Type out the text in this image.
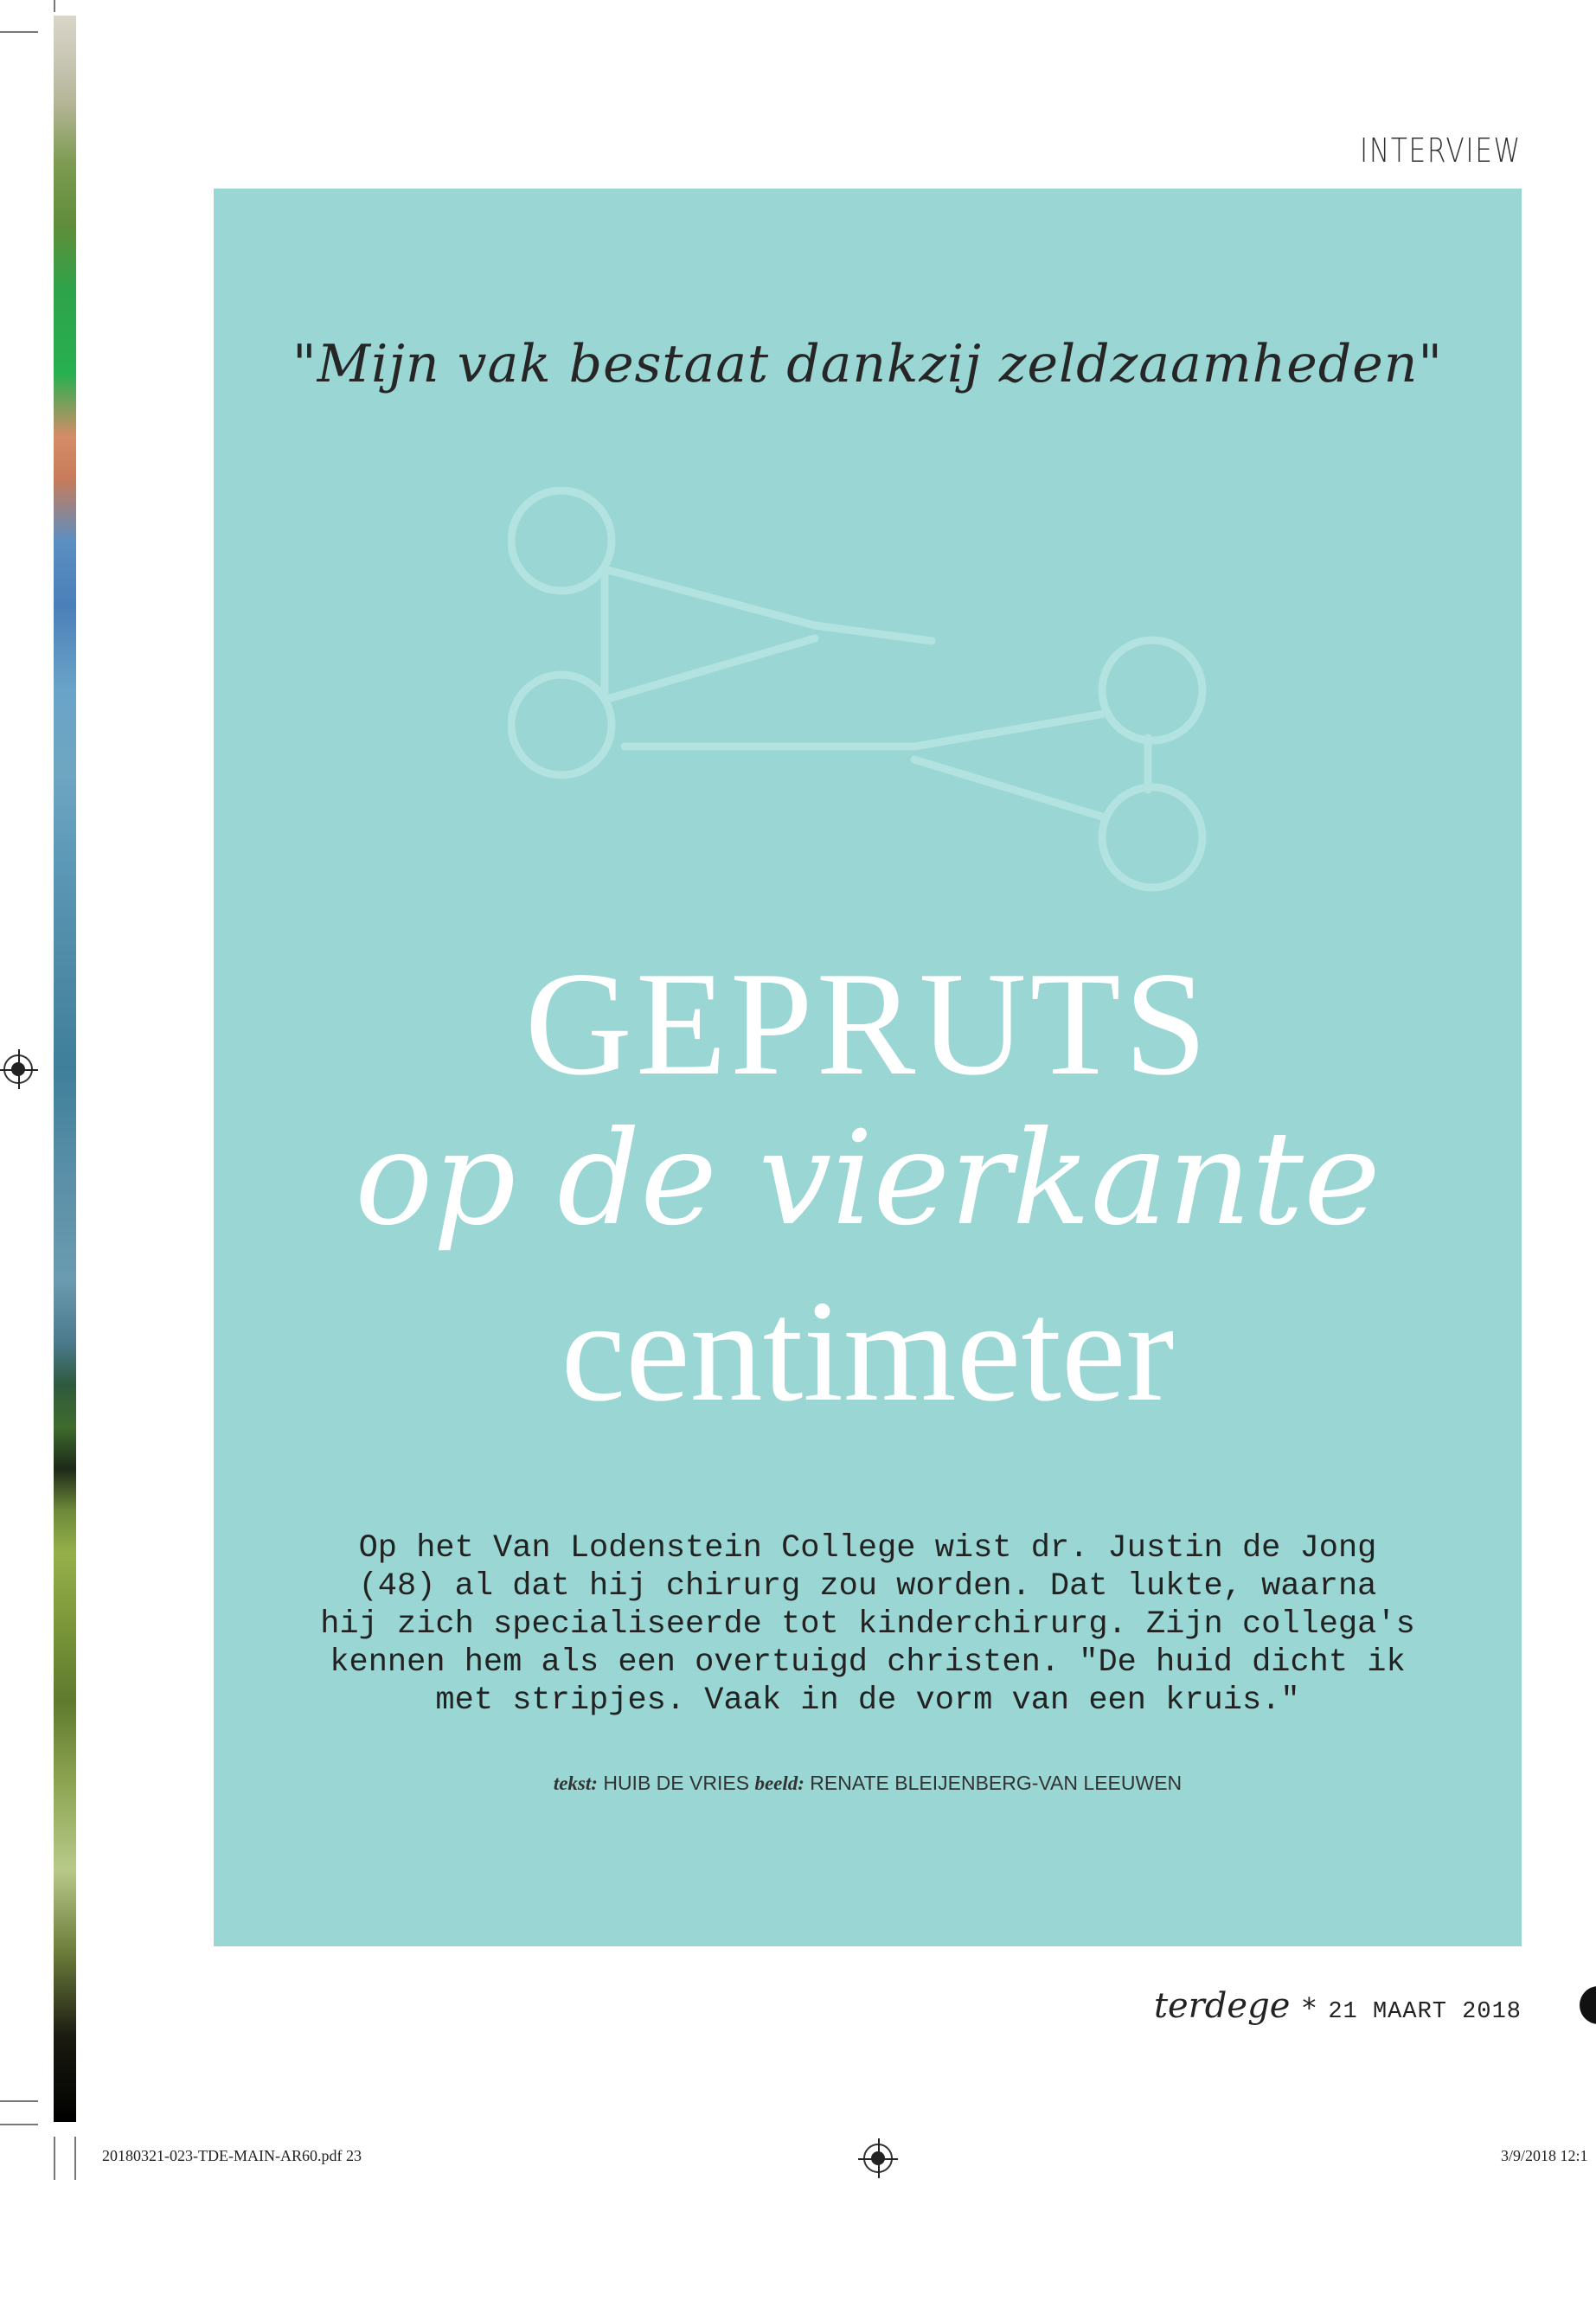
INTERVIEW
"Mijn vak bestaat dankzij zeldzaamheden"
GEPRUTS
op de vierkante
centimeter
Op het Van Lodenstein College wist dr. Justin de Jong
(48) al dat hij chirurg zou worden. Dat lukte, waarna
hij zich specialiseerde tot kinderchirurg. Zijn collega's
kennen hem als een overtuigd christen. "De huid dicht ik
met stripjes. Vaak in de vorm van een kruis."
tekst: HUIB DE VRIES beeld: RENATE BLEIJENBERG-VAN LEEUWEN
terdege * 21 MAART 2018
20180321-023-TDE-MAIN-AR60.pdf 23	3/9/2018 12:1
